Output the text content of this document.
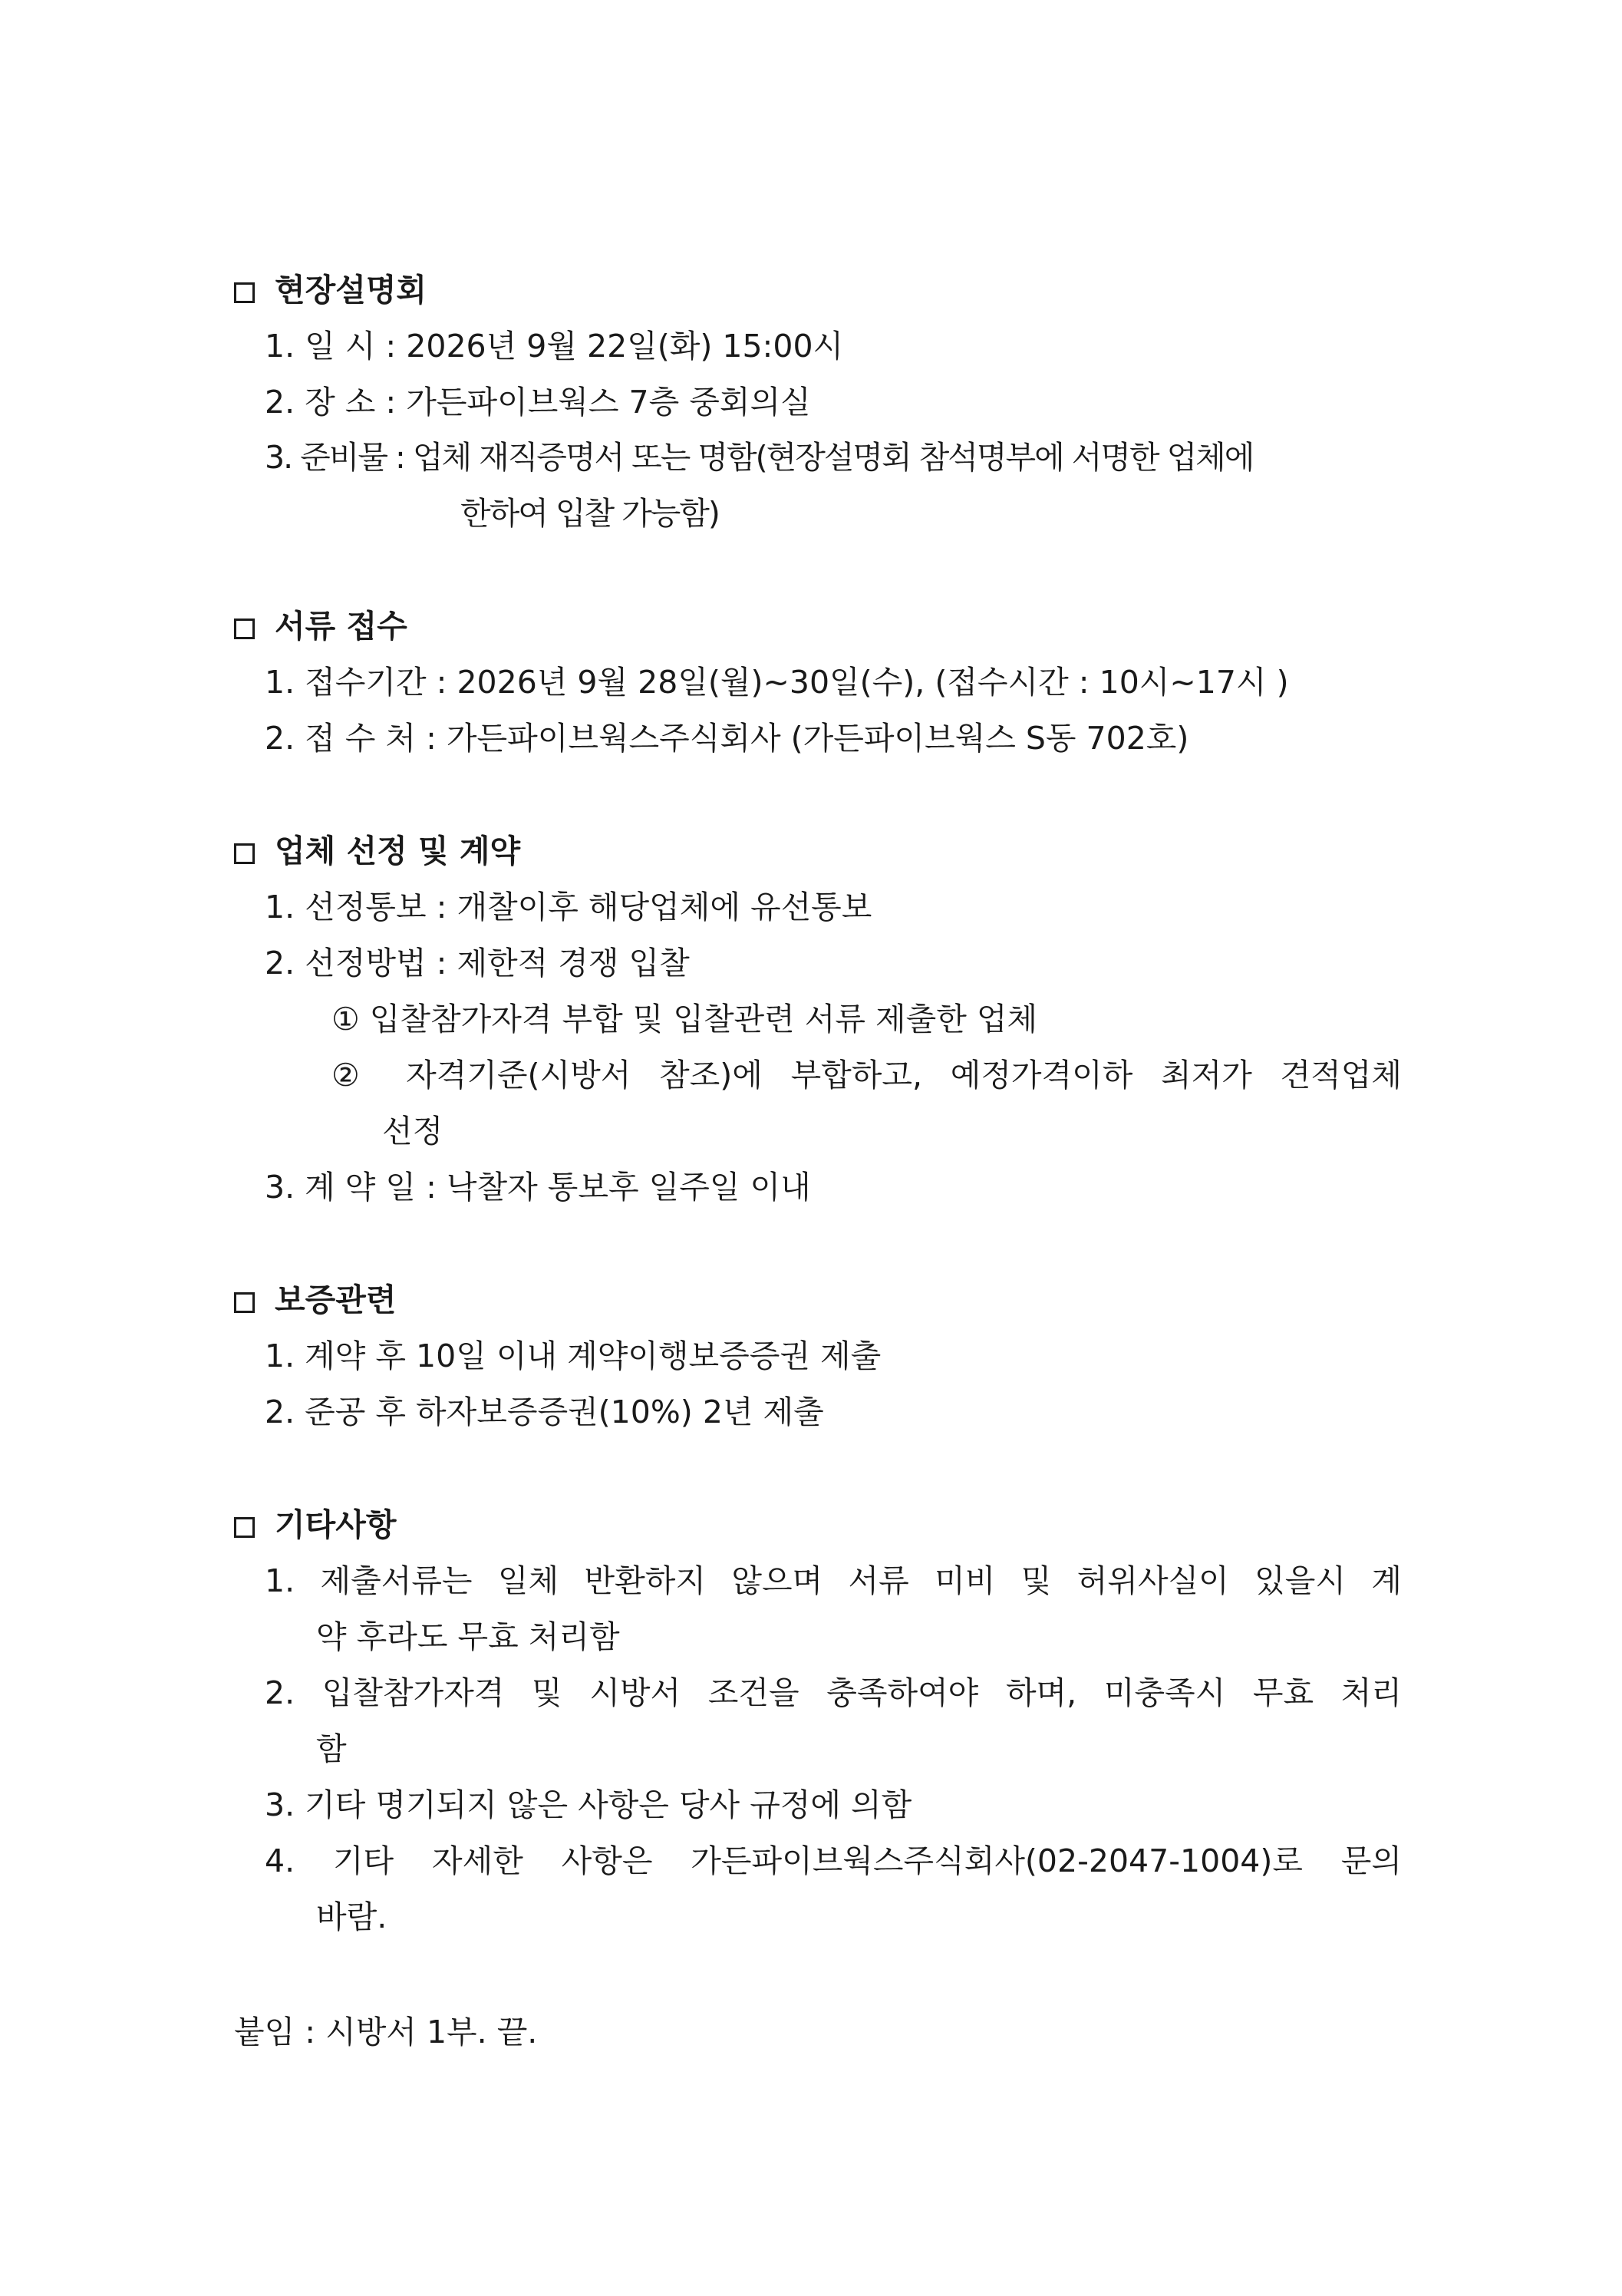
현장설명회
1. 일 시 : 2026년 9월 22일(화) 15:00시
2. 장 소 : 가든파이브웍스 7층 중회의실
3. 준비물 : 업체 재직증명서 또는 명함(현장설명회 참석명부에 서명한 업체에
한하여 입찰 가능함)
서류 접수
1. 접수기간 : 2026년 9월 28일(월)~30일(수), (접수시간 : 10시~17시 )
2. 접 수 처 : 가든파이브웍스주식회사 (가든파이브웍스 S동 702호)
업체 선정 및 계약
1. 선정통보 : 개찰이후 해당업체에 유선통보
2. 선정방법 : 제한적 경쟁 입찰
① 입찰참가자격 부합 및 입찰관련 서류 제출한 업체
② 자격기준(시방서 참조)에 부합하고, 예정가격이하 최저가 견적업체
선정
3. 계 약 일 : 낙찰자 통보후 일주일 이내
보증관련
1. 계약 후 10일 이내 계약이행보증증권 제출
2. 준공 후 하자보증증권(10%) 2년 제출
기타사항
1. 제출서류는 일체 반환하지 않으며 서류 미비 및 허위사실이 있을시 계
약 후라도 무효 처리함
2. 입찰참가자격 및 시방서 조건을 충족하여야 하며, 미충족시 무효 처리
함
3. 기타 명기되지 않은 사항은 당사 규정에 의함
4. 기타 자세한 사항은 가든파이브웍스주식회사(02-2047-1004)로 문의
바람.
붙임 : 시방서 1부. 끝.
